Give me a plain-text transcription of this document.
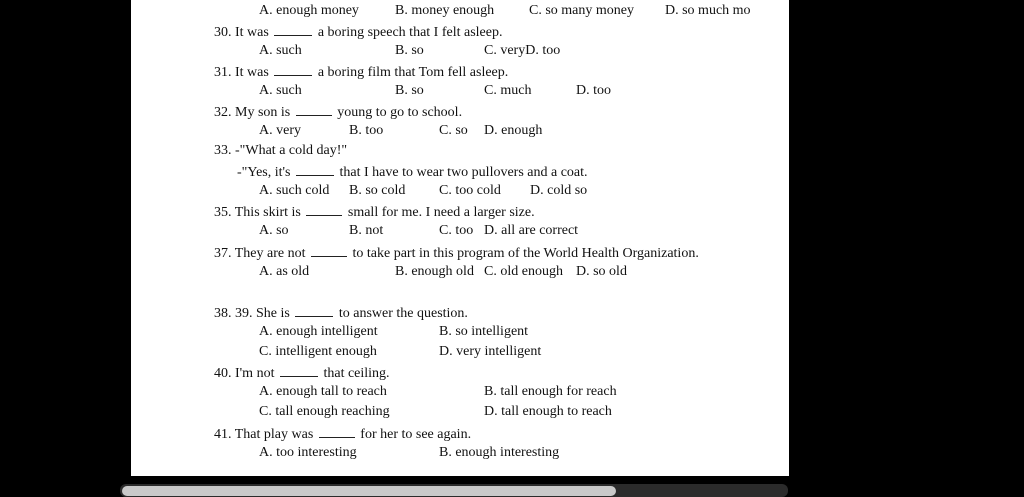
A. enough money	B. money enough C. so many money D. so much mo
30. It was	a boring speech that I felt asleep.
A. such	B. so	C. veryD. too
31. It was	a boring film that Tom fell asleep.
A. such	B. so	C. much	D. too
32. My son is	young to go to school.
A. very	B. too	C. so D. enough
33. -"What a cold day!"
-"Yes, it's	that I have to wear two pullovers and a coat.
A. such cold B. so cold C. too cold D. cold so
35. This skirt is	small for me. I need a larger size.
A. so	B. not	C. too D. all are correct
37. They are not	to take part in this program of the World Health Organization.
A. as old	B. enough old C. old enough D. so old
38. 39. She is	to answer the question.
A. enough intelligent	B. so intelligent
C. intelligent enough	D. very intelligent
40. I'm not	that ceiling.
A. enough tall to reach	B. tall enough for reach
C. tall enough reaching	D. tall enough to reach
41. That play was	for her to see again.
A. too interesting	B. enough interesting
